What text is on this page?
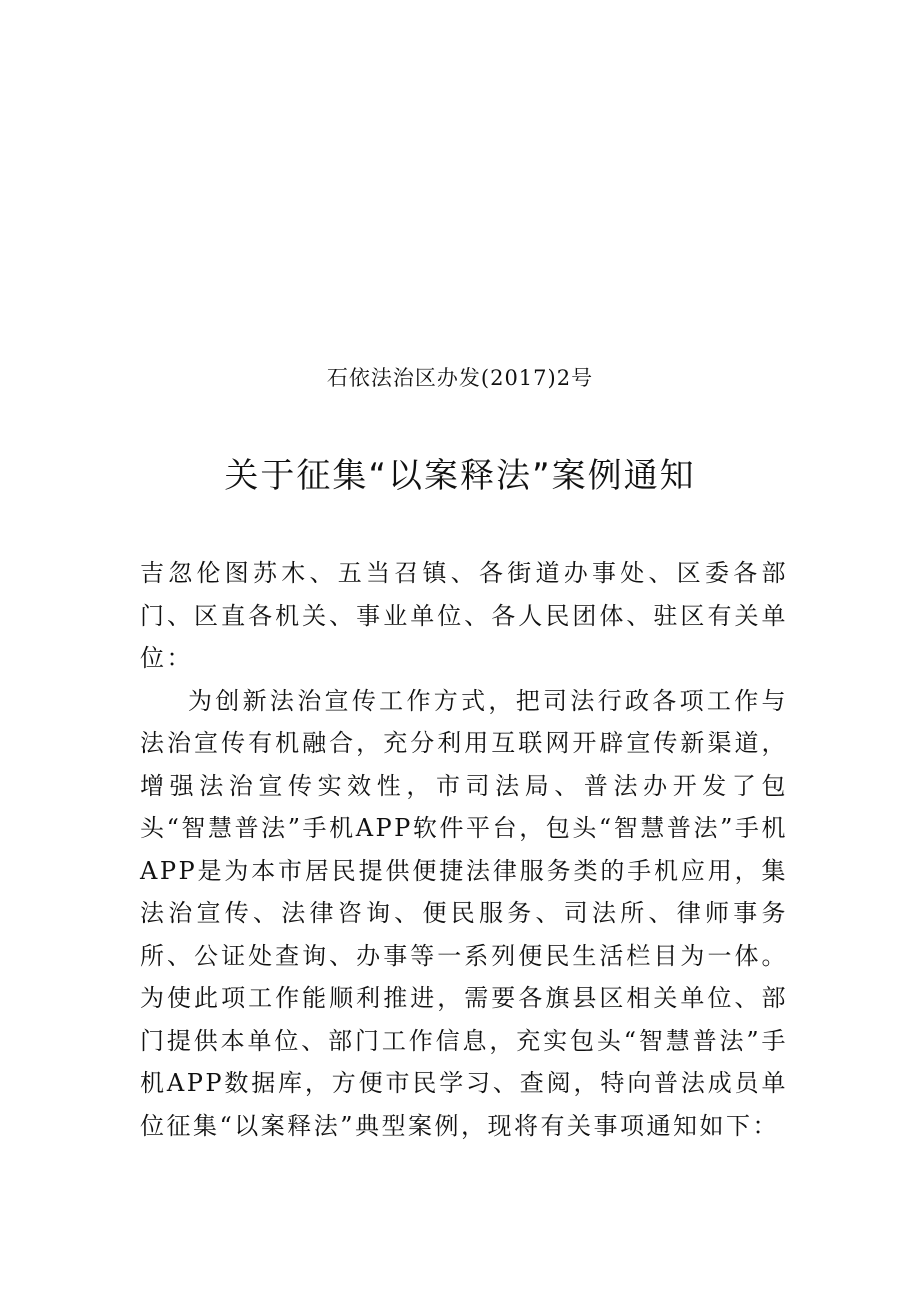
石依法治区办发(2017)2号
关于征集“以案释法”案例通知

吉忽伦图苏木、五当召镇、各街道办事处、区委各部门、区直各机关、事业单位、各人民团体、驻区有关单位：

为创新法治宣传工作方式，把司法行政各项工作与法治宣传有机融合，充分利用互联网开辟宣传新渠道，增强法治宣传实效性，市司法局、普法办开发了包头“智慧普法”手机APP软件平台，包头“智慧普法”手机APP是为本市居民提供便捷法律服务类的手机应用，集法治宣传、法律咨询、便民服务、司法所、律师事务所、公证处查询、办事等一系列便民生活栏目为一体。为使此项工作能顺利推进，需要各旗县区相关单位、部门提供本单位、部门工作信息，充实包头“智慧普法”手机APP数据库，方便市民学习、查阅，特向普法成员单位征集“以案释法”典型案例，现将有关事项通知如下：
